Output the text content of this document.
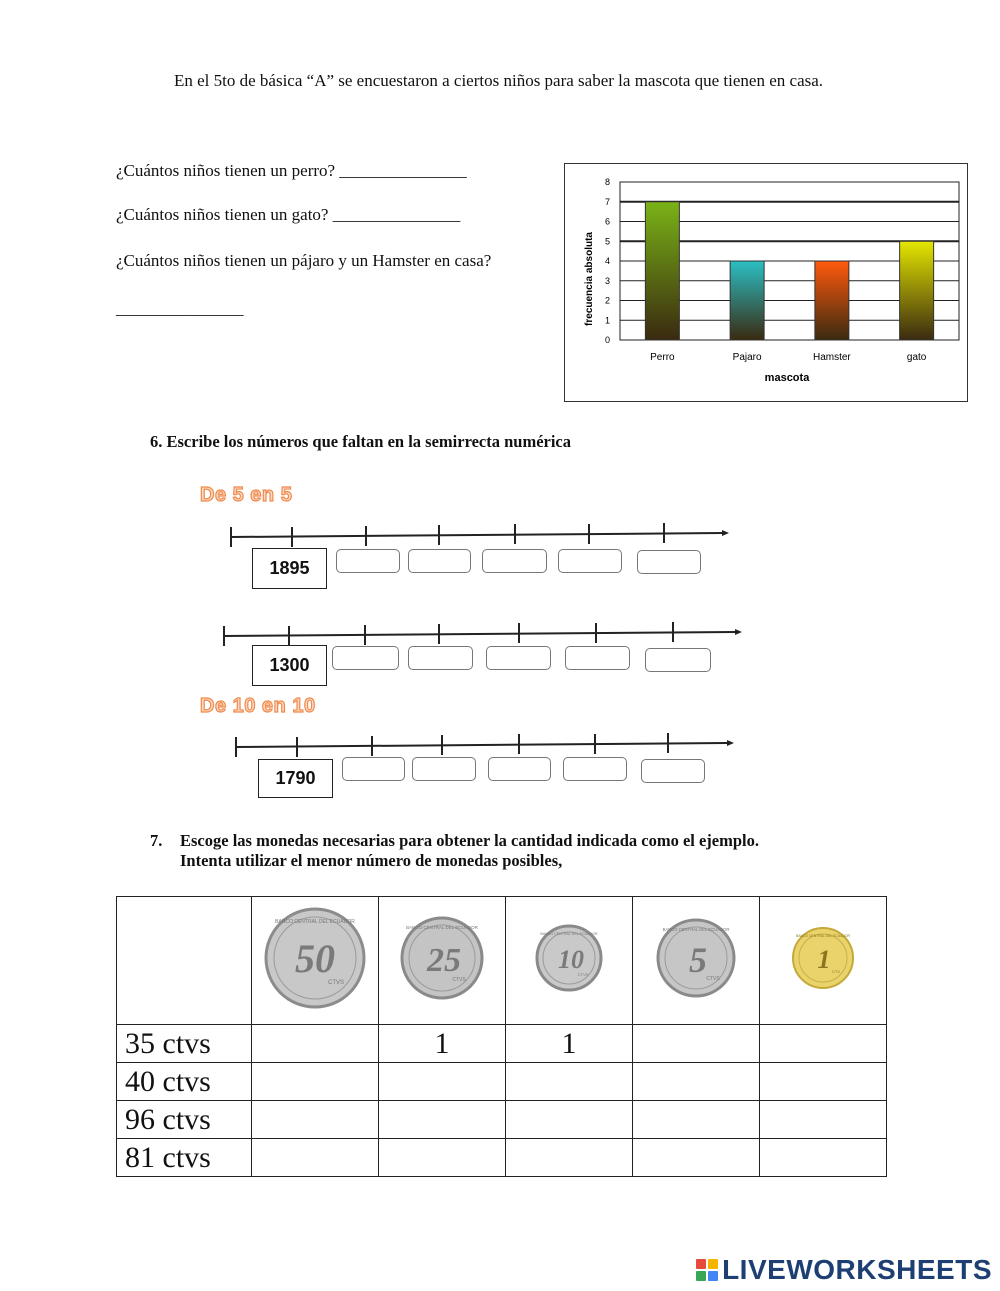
En el 5to de básica “A” se encuestaron a ciertos niños para saber la mascota que tienen en casa.
¿Cuántos niños tienen un perro? _______________
¿Cuántos niños tienen un gato? _______________
¿Cuántos niños tienen un pájaro y un Hamster en casa?
_______________
0
1
2
3
4
5
6
7
8
Perro	Pajaro	Hamster	gato
frecuencia absoluta
mascota
6. Escribe los números que faltan en la semirrecta numérica
De 5 en 5
De 10 en 10
1895
1300
1790
7. Escoge las monedas necesarias para obtener la cantidad indicada como el ejemplo.
Intenta utilizar el menor número de monedas posibles,

50
CTVS
BANCO CENTRAL DEL ECUADOR	25
CTVS
BANCO CENTRAL DEL ECUADOR	10
CTVS
BANCO CENTRAL DEL ECUADOR	5 CTVS
BANCO CENTRAL DEL ECUADOR	1 CTV
BANCO CENTRAL DEL ECUADOR

35 ctvs		1	1		
40 ctvs					
96 ctvs					
81 ctvs					
LIVEWORKSHEETS
